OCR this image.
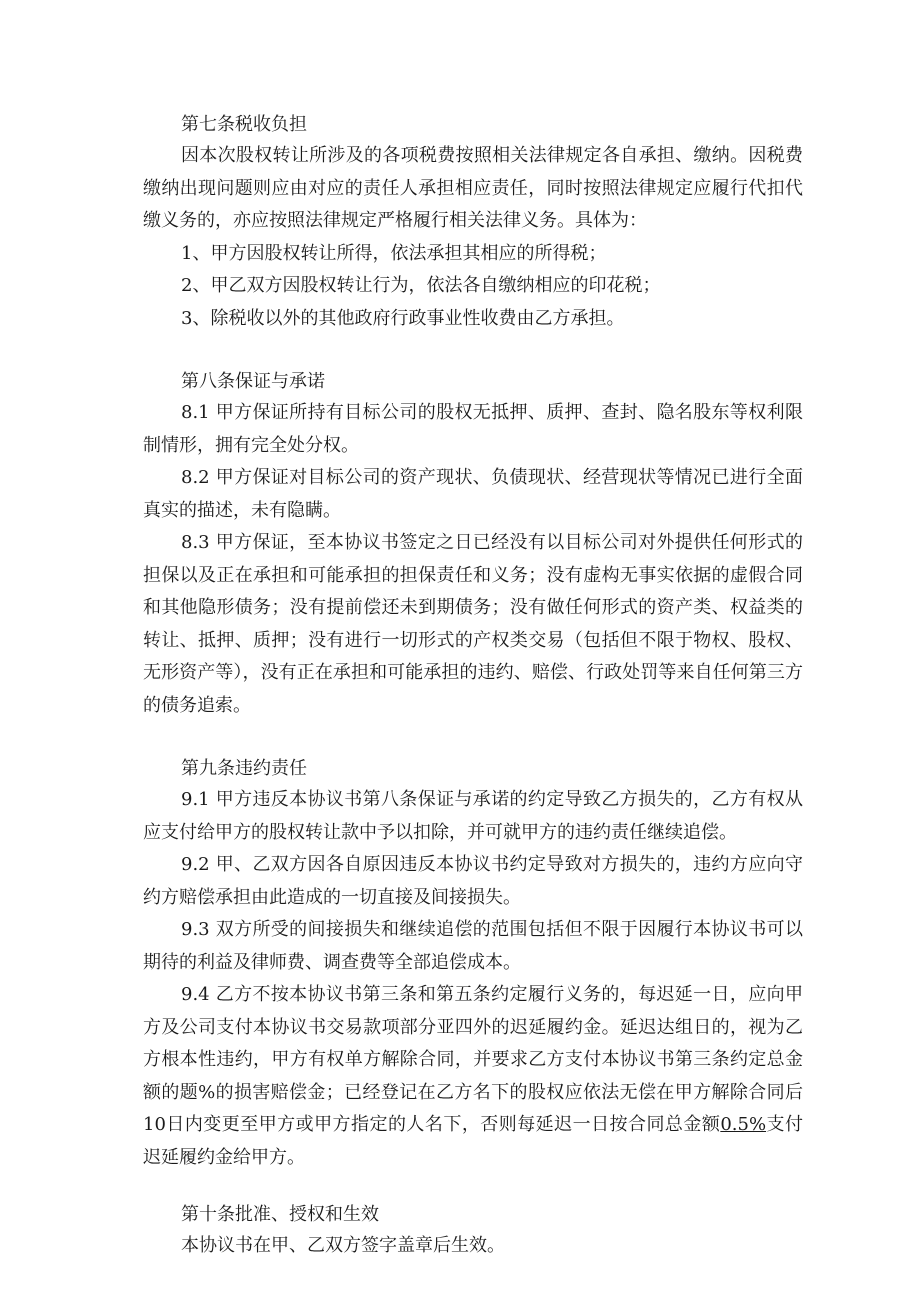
第七条税收负担

因本次股权转让所涉及的各项税费按照相关法律规定各自承担、缴纳。因税费缴纳出现问题则应由对应的责任人承担相应责任，同时按照法律规定应履行代扣代缴义务的，亦应按照法律规定严格履行相关法律义务。具体为：

1、甲方因股权转让所得，依法承担其相应的所得税；

2、甲乙双方因股权转让行为，依法各自缴纳相应的印花税；

3、除税收以外的其他政府行政事业性收费由乙方承担。

第八条保证与承诺

8.1 甲方保证所持有目标公司的股权无抵押、质押、查封、隐名股东等权利限制情形，拥有完全处分权。

8.2 甲方保证对目标公司的资产现状、负债现状、经营现状等情况已进行全面真实的描述，未有隐瞒。

8.3 甲方保证，至本协议书签定之日已经没有以目标公司对外提供任何形式的担保以及正在承担和可能承担的担保责任和义务；没有虚构无事实依据的虚假合同和其他隐形债务；没有提前偿还未到期债务；没有做任何形式的资产类、权益类的转让、抵押、质押；没有进行一切形式的产权类交易（包括但不限于物权、股权、无形资产等），没有正在承担和可能承担的违约、赔偿、行政处罚等来自任何第三方的债务追索。

第九条违约责任

9.1 甲方违反本协议书第八条保证与承诺的约定导致乙方损失的，乙方有权从应支付给甲方的股权转让款中予以扣除，并可就甲方的违约责任继续追偿。

9.2 甲、乙双方因各自原因违反本协议书约定导致对方损失的，违约方应向守约方赔偿承担由此造成的一切直接及间接损失。

9.3 双方所受的间接损失和继续追偿的范围包括但不限于因履行本协议书可以期待的利益及律师费、调查费等全部追偿成本。

9.4 乙方不按本协议书第三条和第五条约定履行义务的，每迟延一日，应向甲方及公司支付本协议书交易款项部分亚四外的迟延履约金。延迟达组日的，视为乙方根本性违约，甲方有权单方解除合同，并要求乙方支付本协议书第三条约定总金额的题%的损害赔偿金；已经登记在乙方名下的股权应依法无偿在甲方解除合同后10日内变更至甲方或甲方指定的人名下，否则每延迟一日按合同总金额0.5%支付迟延履约金给甲方。

第十条批准、授权和生效

本协议书在甲、乙双方签字盖章后生效。
